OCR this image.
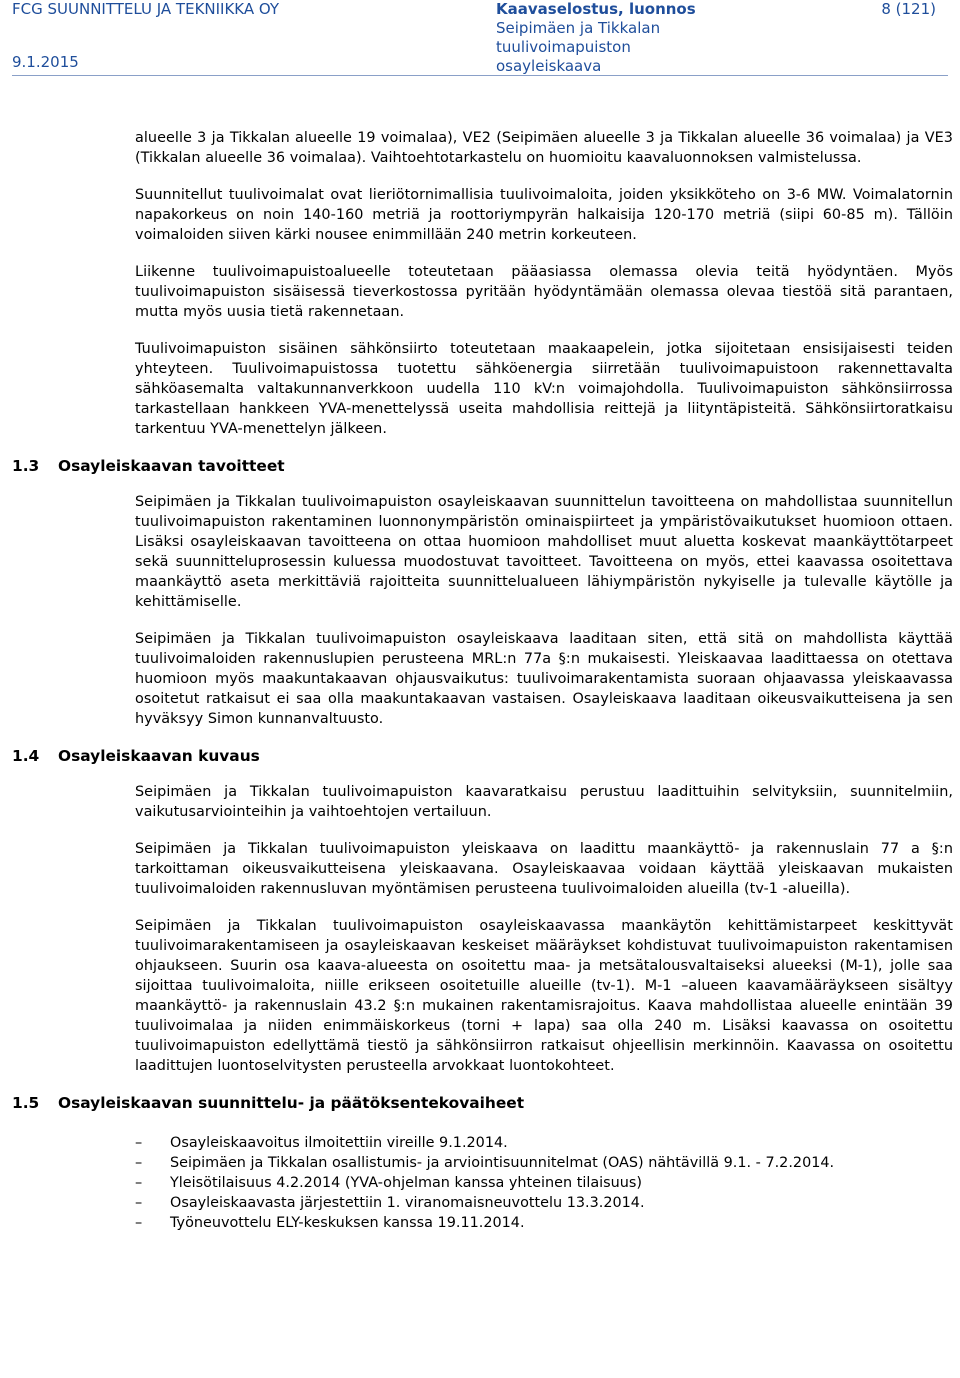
FCG SUUNNITTELU JA TEKNIIKKA OY
9.1.2015
Kaavaselostus, luonnos
Seipimäen ja Tikkalan
tuulivoimapuiston
osayleiskaava
8 (121)

alueelle 3 ja Tikkalan alueelle 19 voimalaa), VE2 (Seipimäen alueelle 3 ja Tikkalan alueelle 36 voimalaa) ja VE3 (Tikkalan alueelle 36 voimalaa). Vaihtoehtotarkastelu on huomioitu kaavaluonnoksen valmistelussa.

Suunnitellut tuulivoimalat ovat lieriötornimallisia tuulivoimaloita, joiden yksikköteho on 3-6 MW. Voimalatornin napakorkeus on noin 140-160 metriä ja roottoriympyrän halkaisija 120-170 metriä (siipi 60-85 m). Tällöin voimaloiden siiven kärki nousee enimmillään 240 metrin korkeuteen.

Liikenne tuulivoimapuistoalueelle toteutetaan pääasiassa olemassa olevia teitä hyödyntäen. Myös tuulivoimapuiston sisäisessä tieverkostossa pyritään hyödyntämään olemassa olevaa tiestöä sitä parantaen, mutta myös uusia tietä rakennetaan.

Tuulivoimapuiston sisäinen sähkönsiirto toteutetaan maakaapelein, jotka sijoitetaan ensisijaisesti teiden yhteyteen. Tuulivoimapuistossa tuotettu sähköenergia siirretään tuulivoimapuistoon rakennettavalta sähköasemalta valtakunnanverkkoon uudella 110 kV:n voimajohdolla. Tuulivoimapuiston sähkönsiirrossa tarkastellaan hankkeen YVA-menettelyssä useita mahdollisia reittejä ja liityntäpisteitä. Sähkönsiirtoratkaisu tarkentuu YVA-menettelyn jälkeen.

1.3 Osayleiskaavan tavoitteet

Seipimäen ja Tikkalan tuulivoimapuiston osayleiskaavan suunnittelun tavoitteena on mahdollistaa suunnitellun tuulivoimapuiston rakentaminen luonnonympäristön ominaispiirteet ja ympäristövaikutukset huomioon ottaen. Lisäksi osayleiskaavan tavoitteena on ottaa huomioon mahdolliset muut aluetta koskevat maankäyttötarpeet sekä suunnitteluprosessin kuluessa muodostuvat tavoitteet. Tavoitteena on myös, ettei kaavassa osoitettava maankäyttö aseta merkittäviä rajoitteita suunnittelualueen lähiympäristön nykyiselle ja tulevalle käytölle ja kehittämiselle.

Seipimäen ja Tikkalan tuulivoimapuiston osayleiskaava laaditaan siten, että sitä on mahdollista käyttää tuulivoimaloiden rakennuslupien perusteena MRL:n 77a §:n mukaisesti. Yleiskaavaa laadittaessa on otettava huomioon myös maakuntakaavan ohjausvaikutus: tuulivoimarakentamista suoraan ohjaavassa yleiskaavassa osoitetut ratkaisut ei saa olla maakuntakaavan vastaisen. Osayleiskaava laaditaan oikeusvaikutteisena ja sen hyväksyy Simon kunnanvaltuusto.

1.4 Osayleiskaavan kuvaus

Seipimäen ja Tikkalan tuulivoimapuiston kaavaratkaisu perustuu laadittuihin selvityksiin, suunnitelmiin, vaikutusarviointeihin ja vaihtoehtojen vertailuun.

Seipimäen ja Tikkalan tuulivoimapuiston yleiskaava on laadittu maankäyttö- ja rakennuslain 77 a §:n tarkoittaman oikeusvaikutteisena yleiskaavana. Osayleiskaavaa voidaan käyttää yleiskaavan mukaisten tuulivoimaloiden rakennusluvan myöntämisen perusteena tuulivoimaloiden alueilla (tv-1 -alueilla).

Seipimäen ja Tikkalan tuulivoimapuiston osayleiskaavassa maankäytön kehittämistarpeet keskittyvät tuulivoimarakentamiseen ja osayleiskaavan keskeiset määräykset kohdistuvat tuulivoimapuiston rakentamisen ohjaukseen. Suurin osa kaava-alueesta on osoitettu maa- ja metsätalousvaltaiseksi alueeksi (M-1), jolle saa sijoittaa tuulivoimaloita, niille erikseen osoitetuille alueille (tv-1). M-1 –alueen kaavamääräykseen sisältyy maankäyttö- ja rakennuslain 43.2 §:n mukainen rakentamisrajoitus. Kaava mahdollistaa alueelle enintään 39 tuulivoimalaa ja niiden enimmäiskorkeus (torni + lapa) saa olla 240 m. Lisäksi kaavassa on osoitettu tuulivoimapuiston edellyttämä tiestö ja sähkönsiirron ratkaisut ohjeellisin merkinnöin. Kaavassa on osoitettu laadittujen luontoselvitysten perusteella arvokkaat luontokohteet.

1.5 Osayleiskaavan suunnittelu- ja päätöksentekovaiheet
– Osayleiskaavoitus ilmoitettiin vireille 9.1.2014.
– Seipimäen ja Tikkalan osallistumis- ja arviointisuunnitelmat (OAS) nähtävillä 9.1. - 7.2.2014.
– Yleisötilaisuus 4.2.2014 (YVA-ohjelman kanssa yhteinen tilaisuus)
– Osayleiskaavasta järjestettiin 1. viranomaisneuvottelu 13.3.2014.
– Työneuvottelu ELY-keskuksen kanssa 19.11.2014.
